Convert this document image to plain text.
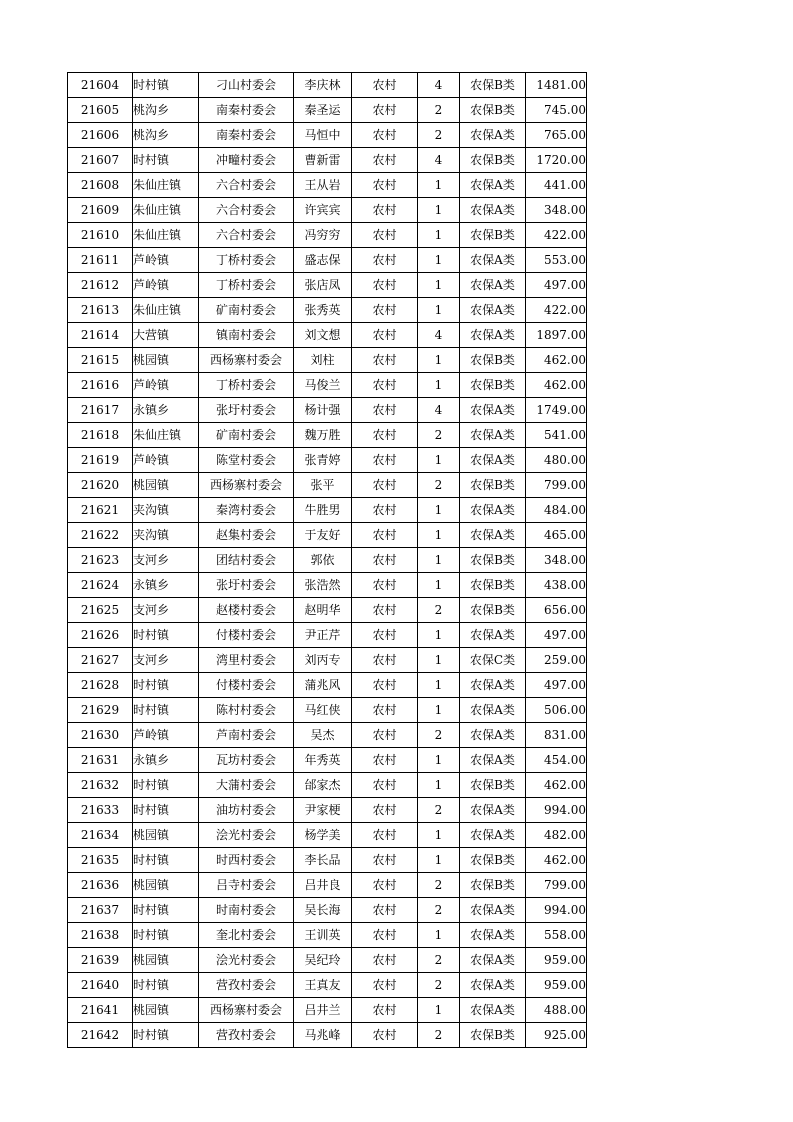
21604	时村镇	刁山村委会	李庆林	农村	4	农保B类	1481.00
21605	桃沟乡	南秦村委会	秦圣运	农村	2	农保B类	745.00
21606	桃沟乡	南秦村委会	马恒中	农村	2	农保A类	765.00
21607	时村镇	冲疃村委会	曹新雷	农村	4	农保B类	1720.00
21608	朱仙庄镇	六合村委会	王从岩	农村	1	农保A类	441.00
21609	朱仙庄镇	六合村委会	许宾宾	农村	1	农保A类	348.00
21610	朱仙庄镇	六合村委会	冯穷穷	农村	1	农保B类	422.00
21611	芦岭镇	丁桥村委会	盛志保	农村	1	农保A类	553.00
21612	芦岭镇	丁桥村委会	张店凤	农村	1	农保A类	497.00
21613	朱仙庄镇	矿南村委会	张秀英	农村	1	农保A类	422.00
21614	大营镇	镇南村委会	刘文想	农村	4	农保A类	1897.00
21615	桃园镇	西杨寨村委会	刘柱	农村	1	农保B类	462.00
21616	芦岭镇	丁桥村委会	马俊兰	农村	1	农保B类	462.00
21617	永镇乡	张圩村委会	杨计强	农村	4	农保A类	1749.00
21618	朱仙庄镇	矿南村委会	魏万胜	农村	2	农保A类	541.00
21619	芦岭镇	陈堂村委会	张青婷	农村	1	农保A类	480.00
21620	桃园镇	西杨寨村委会	张平	农村	2	农保B类	799.00
21621	夹沟镇	秦湾村委会	牛胜男	农村	1	农保A类	484.00
21622	夹沟镇	赵集村委会	于友好	农村	1	农保A类	465.00
21623	支河乡	团结村委会	郭依	农村	1	农保B类	348.00
21624	永镇乡	张圩村委会	张浩然	农村	1	农保B类	438.00
21625	支河乡	赵楼村委会	赵明华	农村	2	农保B类	656.00
21626	时村镇	付楼村委会	尹正芹	农村	1	农保A类	497.00
21627	支河乡	湾里村委会	刘丙专	农村	1	农保C类	259.00
21628	时村镇	付楼村委会	蒲兆风	农村	1	农保A类	497.00
21629	时村镇	陈村村委会	马红侠	农村	1	农保A类	506.00
21630	芦岭镇	芦南村委会	吴杰	农村	2	农保A类	831.00
21631	永镇乡	瓦坊村委会	年秀英	农村	1	农保A类	454.00
21632	时村镇	大蒲村委会	邰家杰	农村	1	农保B类	462.00
21633	时村镇	油坊村委会	尹家梗	农村	2	农保A类	994.00
21634	桃园镇	浍光村委会	杨学美	农村	1	农保A类	482.00
21635	时村镇	时西村委会	李长品	农村	1	农保B类	462.00
21636	桃园镇	吕寺村委会	吕井良	农村	2	农保B类	799.00
21637	时村镇	时南村委会	吴长海	农村	2	农保A类	994.00
21638	时村镇	奎北村委会	王训英	农村	1	农保A类	558.00
21639	桃园镇	浍光村委会	吴纪玲	农村	2	农保A类	959.00
21640	时村镇	营孜村委会	王真友	农村	2	农保A类	959.00
21641	桃园镇	西杨寨村委会	吕井兰	农村	1	农保A类	488.00
21642	时村镇	营孜村委会	马兆峰	农村	2	农保B类	925.00
